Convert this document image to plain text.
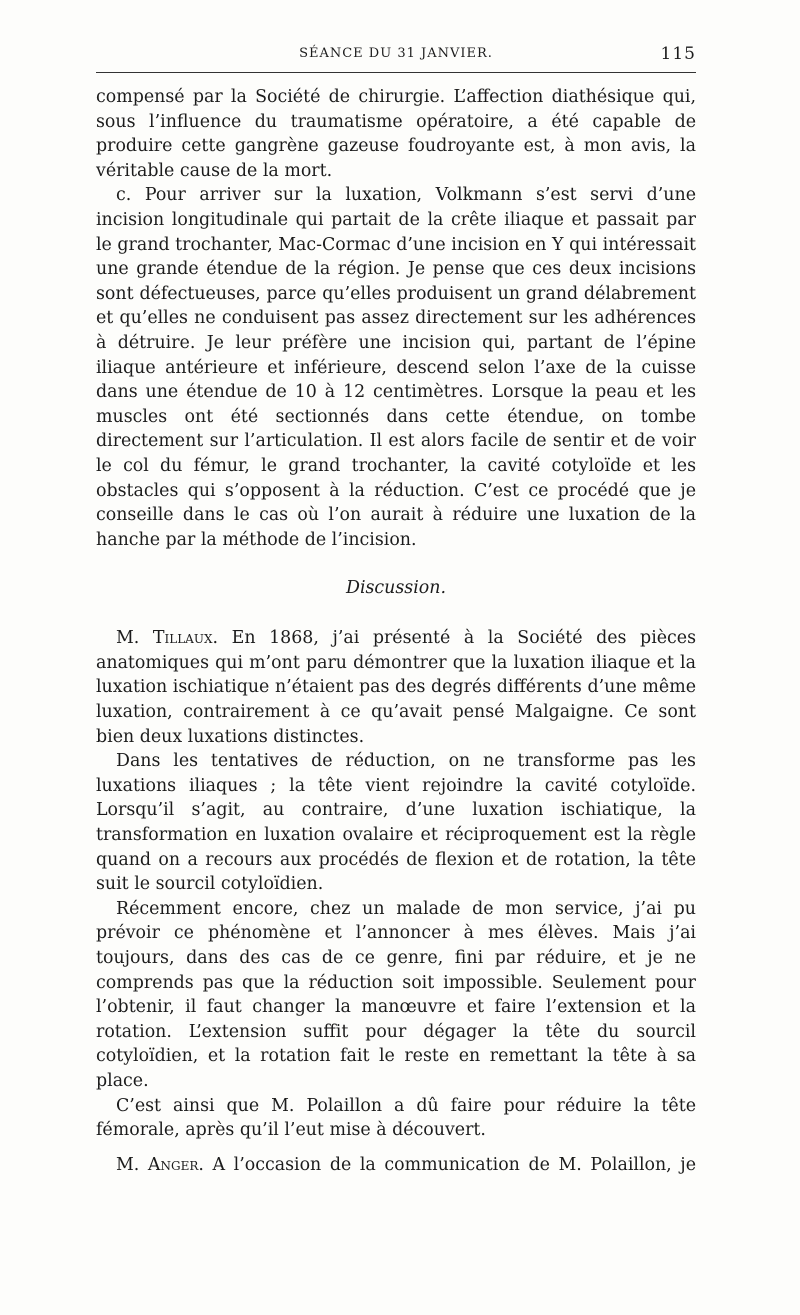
SÉANCE DU 31 JANVIER.	115

compensé par la Société de chirurgie. L’affection diathésique qui, sous l’influence du traumatisme opératoire, a été capable de produire cette gangrène gazeuse foudroyante est, à mon avis, la véritable cause de la mort.

c. Pour arriver sur la luxation, Volkmann s’est servi d’une incision longitudinale qui partait de la crête iliaque et passait par le grand trochanter, Mac-Cormac d’une incision en Y qui intéressait une grande étendue de la région. Je pense que ces deux incisions sont défectueuses, parce qu’elles produisent un grand délabrement et qu’elles ne conduisent pas assez directement sur les adhérences à détruire. Je leur préfère une incision qui, partant de l’épine iliaque antérieure et inférieure, descend selon l’axe de la cuisse dans une étendue de 10 à 12 centimètres. Lorsque la peau et les muscles ont été sectionnés dans cette étendue, on tombe directement sur l’articulation. Il est alors facile de sentir et de voir le col du fémur, le grand trochanter, la cavité cotyloïde et les obstacles qui s’opposent à la réduction. C’est ce procédé que je conseille dans le cas où l’on aurait à réduire une luxation de la hanche par la méthode de l’incision.

Discussion.

M. Tillaux. En 1868, j’ai présenté à la Société des pièces anatomiques qui m’ont paru démontrer que la luxation iliaque et la luxation ischiatique n’étaient pas des degrés différents d’une même luxation, contrairement à ce qu’avait pensé Malgaigne. Ce sont bien deux luxations distinctes.

Dans les tentatives de réduction, on ne transforme pas les luxations iliaques ; la tête vient rejoindre la cavité cotyloïde. Lorsqu’il s’agit, au contraire, d’une luxation ischiatique, la transformation en luxation ovalaire et réciproquement est la règle quand on a recours aux procédés de flexion et de rotation, la tête suit le sourcil cotyloïdien.

Récemment encore, chez un malade de mon service, j’ai pu prévoir ce phénomène et l’annoncer à mes élèves. Mais j’ai toujours, dans des cas de ce genre, fini par réduire, et je ne comprends pas que la réduction soit impossible. Seulement pour l’obtenir, il faut changer la manœuvre et faire l’extension et la rotation. L’extension suffit pour dégager la tête du sourcil cotyloïdien, et la rotation fait le reste en remettant la tête à sa place.

C’est ainsi que M. Polaillon a dû faire pour réduire la tête fémorale, après qu’il l’eut mise à découvert.

M. Anger. A l’occasion de la communication de M. Polaillon, je
